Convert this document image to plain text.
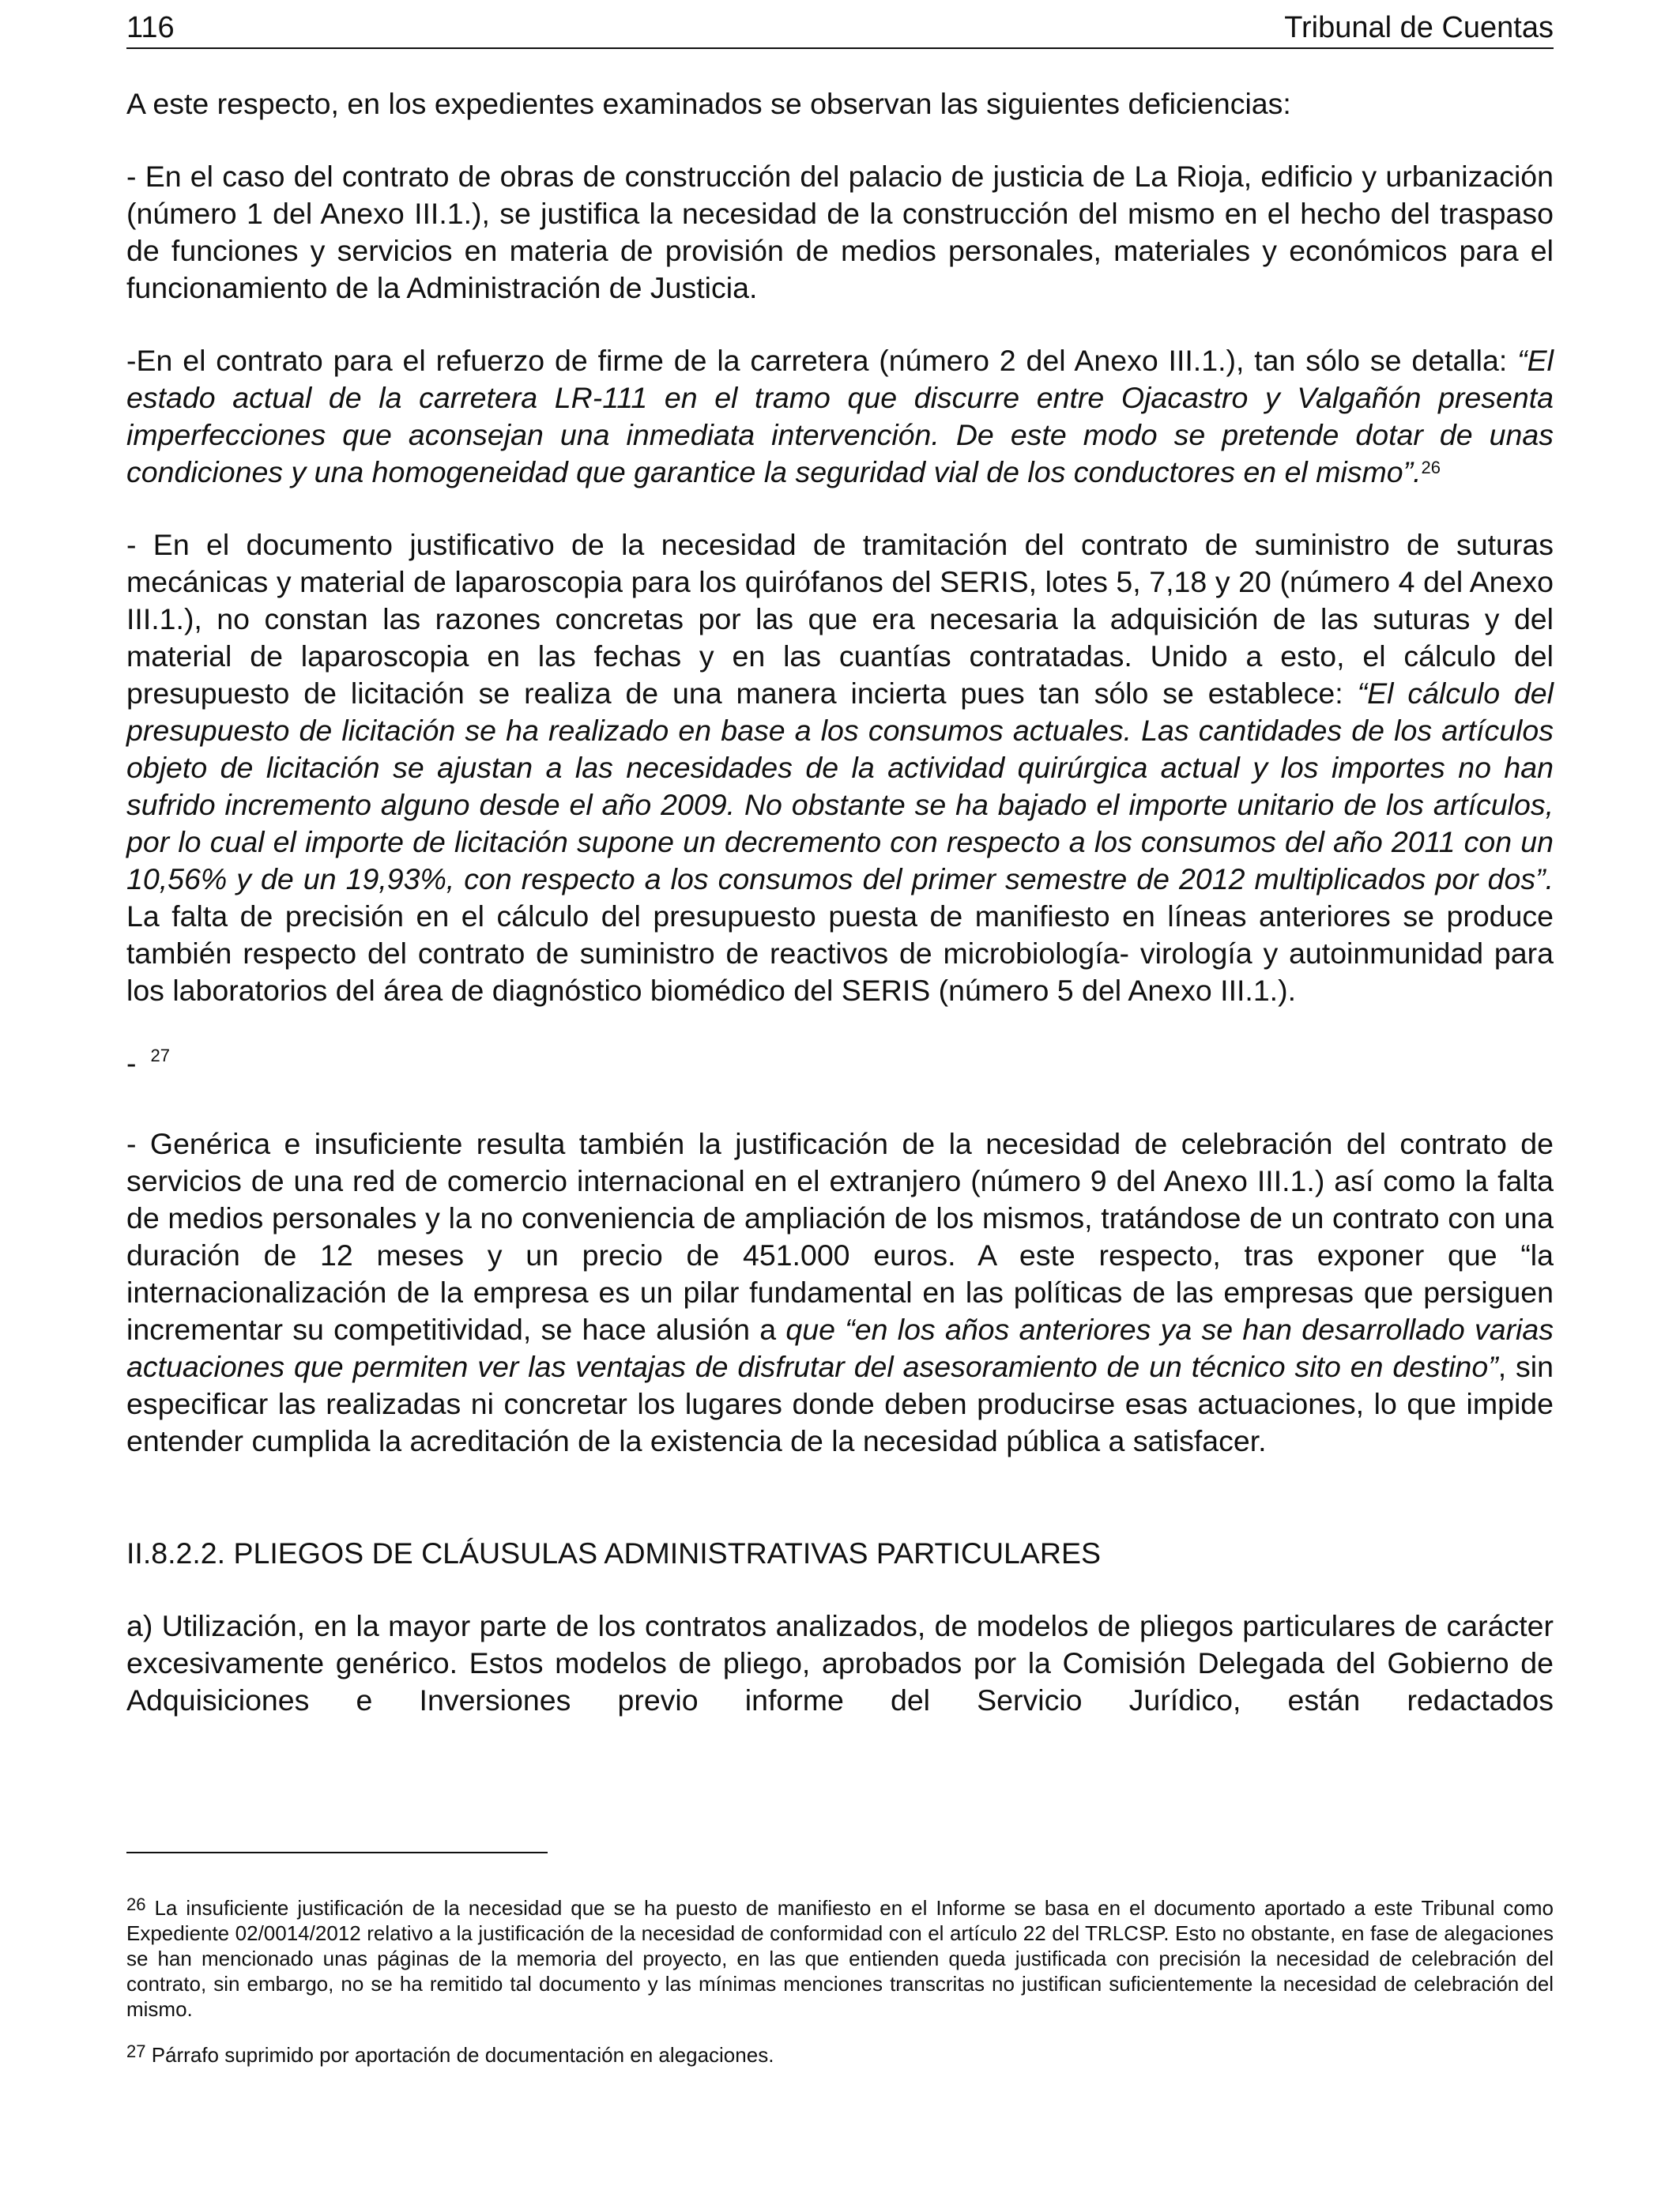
116	Tribunal de Cuentas

A este respecto, en los expedientes examinados se observan las siguientes deficiencias:

- En el caso del contrato de obras de construcción del palacio de justicia de La Rioja, edificio y urbanización (número 1 del Anexo III.1.), se justifica la necesidad de la construcción del mismo en el hecho del traspaso de funciones y servicios en materia de provisión de medios personales, materiales y económicos para el funcionamiento de la Administración de Justicia.

-En el contrato para el refuerzo de firme de la carretera (número 2 del Anexo III.1.), tan sólo se detalla: “El estado actual de la carretera LR-111 en el tramo que discurre entre Ojacastro y Valgañón presenta imperfecciones que aconsejan una inmediata intervención. De este modo se pretende dotar de unas condiciones y una homogeneidad que garantice la seguridad vial de los conductores en el mismo”.$^{26}$

- En el documento justificativo de la necesidad de tramitación del contrato de suministro de suturas mecánicas y material de laparoscopia para los quirófanos del SERIS, lotes 5, 7,18 y 20 (número 4 del Anexo III.1.), no constan las razones concretas por las que era necesaria la adquisición de las suturas y del material de laparoscopia en las fechas y en las cuantías contratadas. Unido a esto, el cálculo del presupuesto de licitación se realiza de una manera incierta pues tan sólo se establece: “El cálculo del presupuesto de licitación se ha realizado en base a los consumos actuales. Las cantidades de los artículos objeto de licitación se ajustan a las necesidades de la actividad quirúrgica actual y los importes no han sufrido incremento alguno desde el año 2009. No obstante se ha bajado el importe unitario de los artículos, por lo cual el importe de licitación supone un decremento con respecto a los consumos del año 2011 con un 10,56% y de un 19,93%, con respecto a los consumos del primer semestre de 2012 multiplicados por dos”. La falta de precisión en el cálculo del presupuesto puesta de manifiesto en líneas anteriores se produce también respecto del contrato de suministro de reactivos de microbiología- virología y autoinmunidad para los laboratorios del área de diagnóstico biomédico del SERIS (número 5 del Anexo III.1.).

- $^{27}$

- Genérica e insuficiente resulta también la justificación de la necesidad de celebración del contrato de servicios de una red de comercio internacional en el extranjero (número 9 del Anexo III.1.) así como la falta de medios personales y la no conveniencia de ampliación de los mismos, tratándose de un contrato con una duración de 12 meses y un precio de 451.000 euros. A este respecto, tras exponer que “la internacionalización de la empresa es un pilar fundamental en las políticas de las empresas que persiguen incrementar su competitividad, se hace alusión a que “en los años anteriores ya se han desarrollado varias actuaciones que permiten ver las ventajas de disfrutar del asesoramiento de un técnico sito en destino”, sin especificar las realizadas ni concretar los lugares donde deben producirse esas actuaciones, lo que impide entender cumplida la acreditación de la existencia de la necesidad pública a satisfacer.

II.8.2.2. PLIEGOS DE CLÁUSULAS ADMINISTRATIVAS PARTICULARES

a) Utilización, en la mayor parte de los contratos analizados, de modelos de pliegos particulares de carácter excesivamente genérico. Estos modelos de pliego, aprobados por la Comisión Delegada del Gobierno de Adquisiciones e Inversiones previo informe del Servicio Jurídico, están redactados

$^{26}$ La insuficiente justificación de la necesidad que se ha puesto de manifiesto en el Informe se basa en el documento aportado a este Tribunal como Expediente 02/0014/2012 relativo a la justificación de la necesidad de conformidad con el artículo 22 del TRLCSP. Esto no obstante, en fase de alegaciones se han mencionado unas páginas de la memoria del proyecto, en las que entienden queda justificada con precisión la necesidad de celebración del contrato, sin embargo, no se ha remitido tal documento y las mínimas menciones transcritas no justifican suficientemente la necesidad de celebración del mismo.

$^{27}$ Párrafo suprimido por aportación de documentación en alegaciones.
